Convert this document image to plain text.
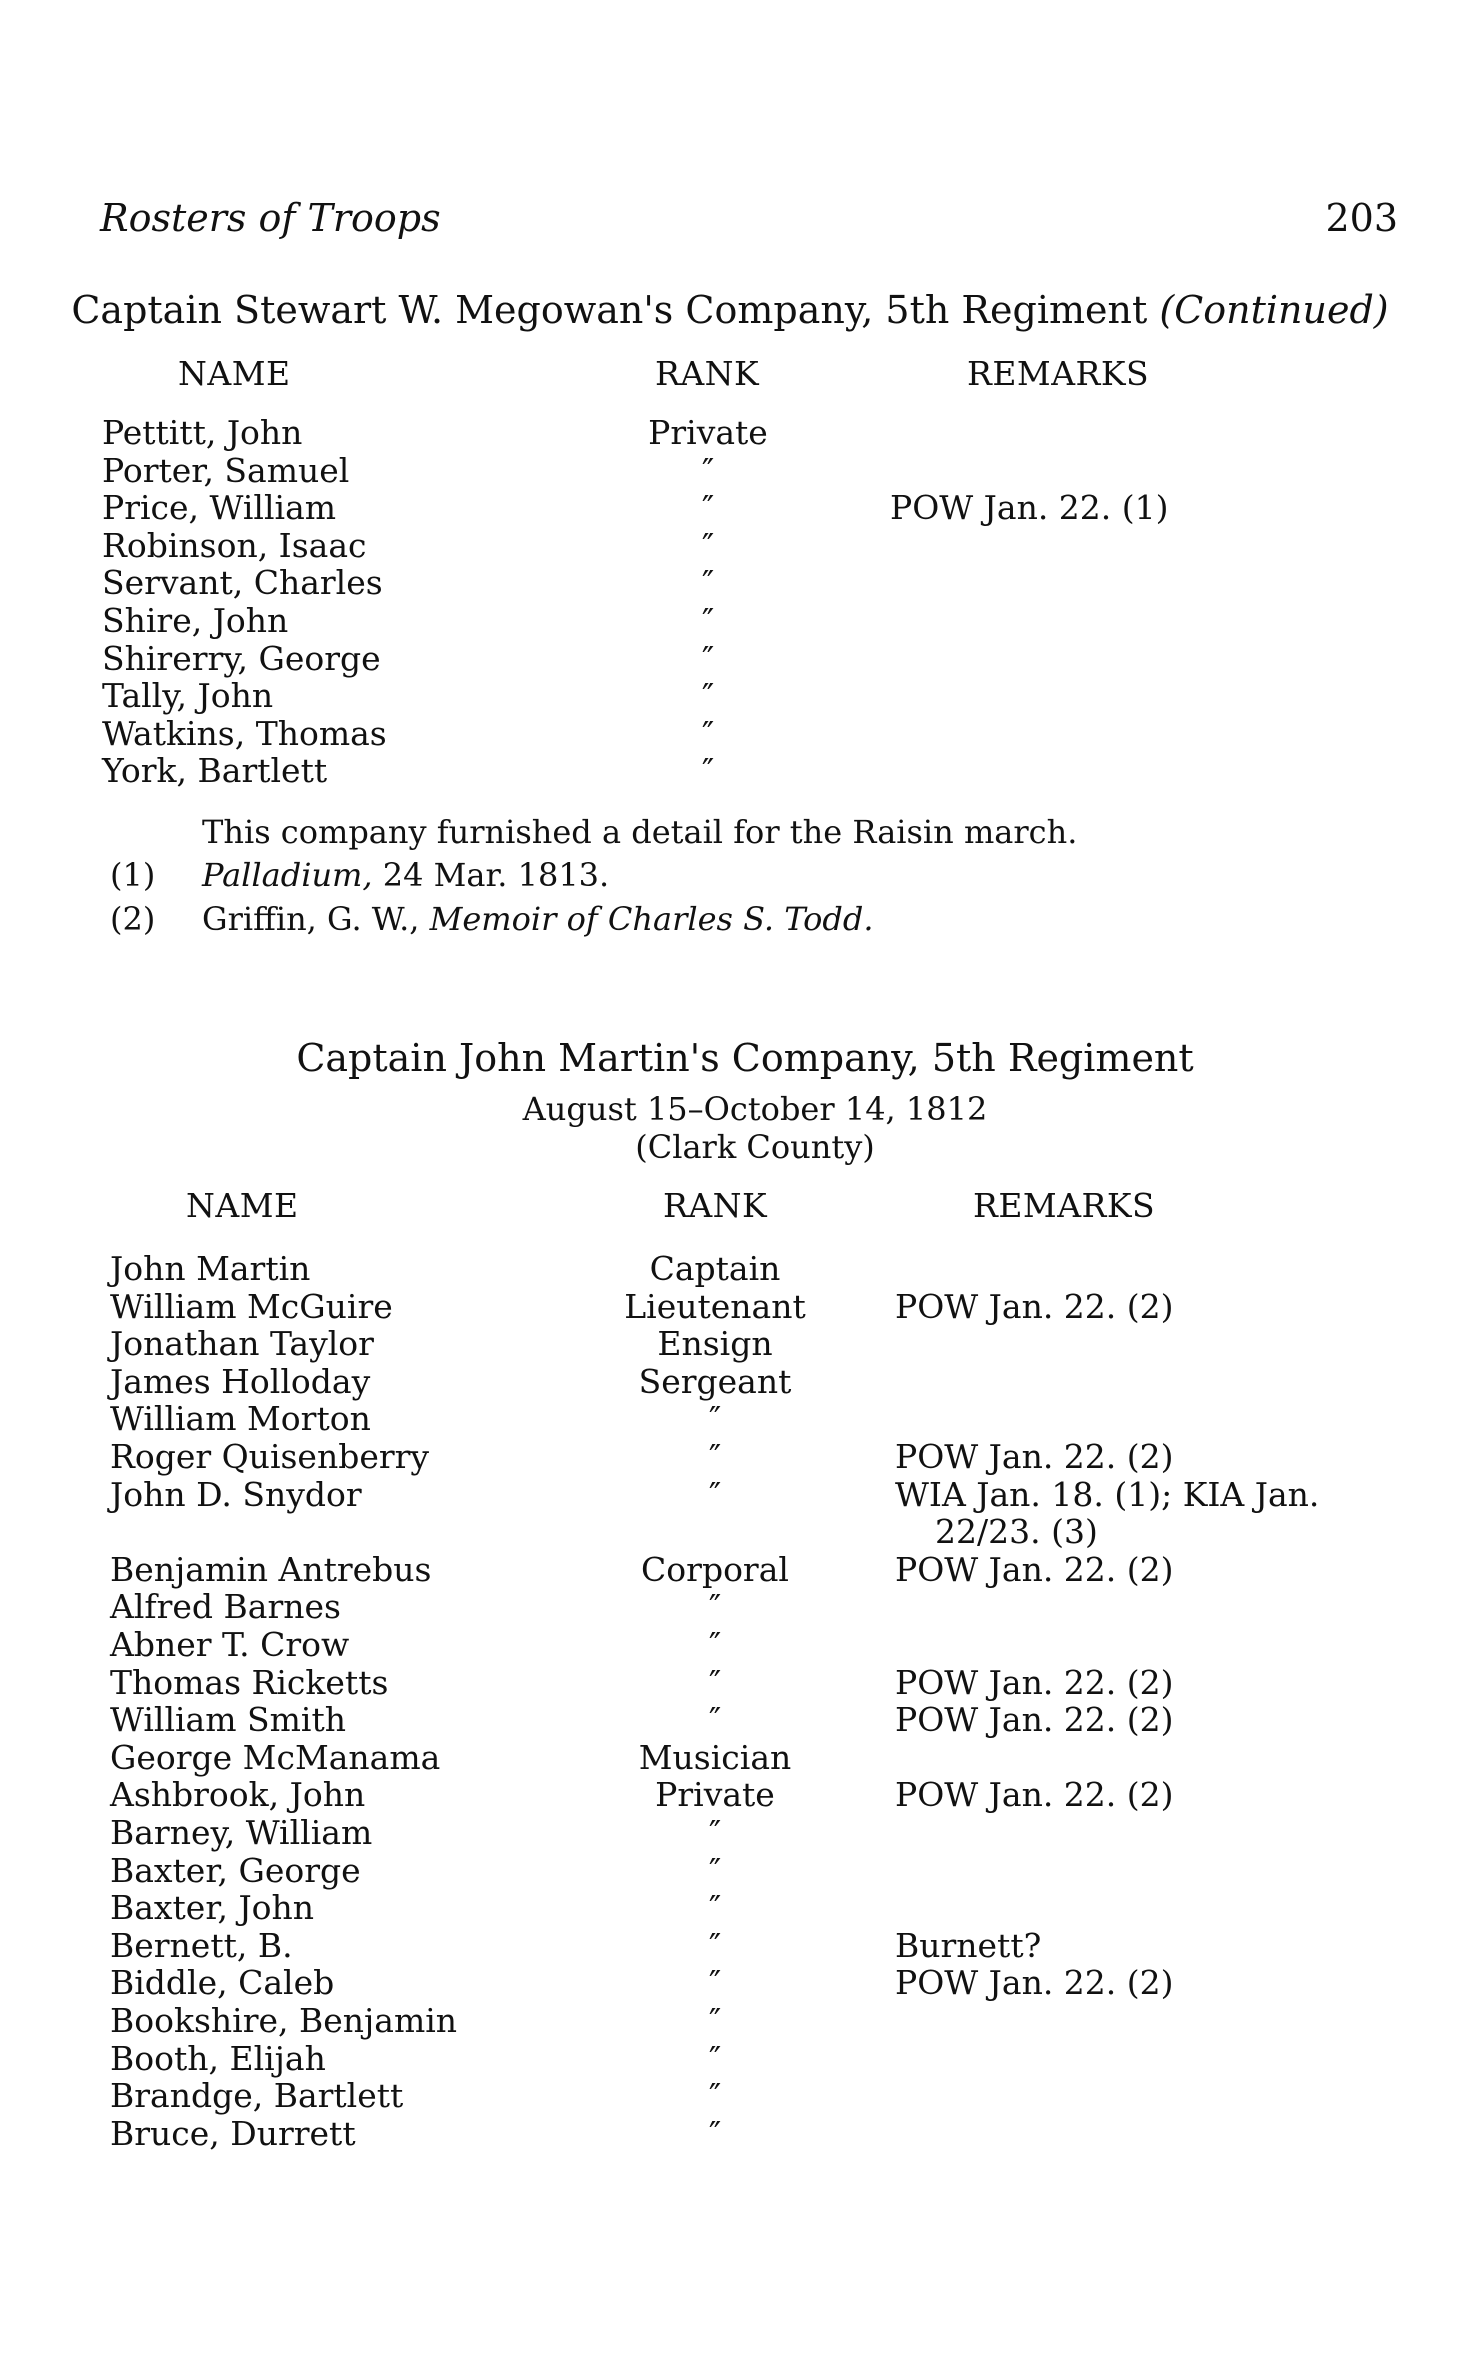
Rosters of Troops	203
Captain Stewart W. Megowan's Company, 5th Regiment (Continued)
NAME	RANK	REMARKS
Pettitt, John	Private
Porter, Samuel	″
Price, William	″	POW Jan. 22. (1)
Robinson, Isaac	″
Servant, Charles	″
Shire, John	″
Shirerry, George	″
Tally, John	″
Watkins, Thomas	″
York, Bartlett	″
This company furnished a detail for the Raisin march.
(1)	Palladium, 24 Mar. 1813.
(2)	Griffin, G. W., Memoir of Charles S. Todd.
Captain John Martin's Company, 5th Regiment
August 15–October 14, 1812
(Clark County)
NAME	RANK	REMARKS
John Martin	Captain
William McGuire	Lieutenant	POW Jan. 22. (2)
Jonathan Taylor	Ensign
James Holloday	Sergeant
William Morton	″
Roger Quisenberry	″	POW Jan. 22. (2)
John D. Snydor	″	WIA Jan. 18. (1); KIA Jan.
22/23. (3)
Benjamin Antrebus	Corporal	POW Jan. 22. (2)
Alfred Barnes	″
Abner T. Crow	″
Thomas Ricketts	″	POW Jan. 22. (2)
William Smith	″	POW Jan. 22. (2)
George McManama	Musician
Ashbrook, John	Private	POW Jan. 22. (2)
Barney, William	″
Baxter, George	″
Baxter, John	″
Bernett, B.	″	Burnett?
Biddle, Caleb	″	POW Jan. 22. (2)
Bookshire, Benjamin	″
Booth, Elijah	″
Brandge, Bartlett	″
Bruce, Durrett	″
